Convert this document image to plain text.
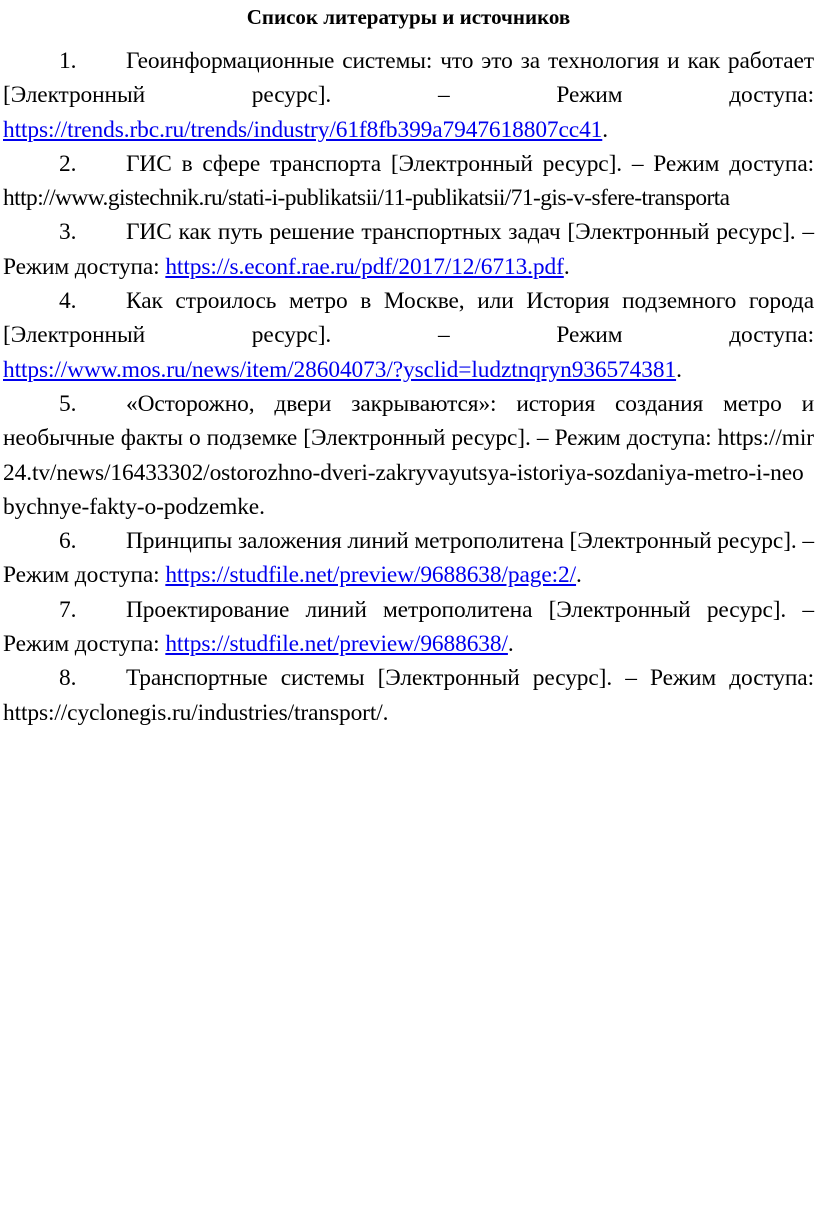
Список литературы и источников
1. Геоинформационные системы: что это за технология и как работает [Электронный ресурс]. – Режим доступа: https://trends.rbc.ru/trends/industry/61f8fb399a7947618807cc41.
2. ГИС в сфере транспорта [Электронный ресурс]. – Режим доступа: http://www.gistechnik.ru/stati-i-publikatsii/11-publikatsii/71-gis-v-sfere-transporta
3. ГИС как путь решение транспортных задач [Электронный ресурс]. – Режим доступа: https://s.econf.rae.ru/pdf/2017/12/6713.pdf.
4. Как строилось метро в Москве, или История подземного города [Электронный ресурс]. – Режим доступа: https://www.mos.ru/news/item/28604073/?ysclid=ludztnqryn936574381.
5. «Осторожно, двери закрываются»: история создания метро и необычные факты о подземке [Электронный ресурс]. – Режим доступа: https://mir24.tv/news/16433302/ostorozhno-dveri-zakryvayutsya-istoriya-sozdaniya-metro-i-neobychnye-fakty-o-podzemke.
6. Принципы заложения линий метрополитена [Электронный ресурс]. – Режим доступа: https://studfile.net/preview/9688638/page:2/.
7. Проектирование линий метрополитена [Электронный ресурс]. – Режим доступа: https://studfile.net/preview/9688638/.
8. Транспортные системы [Электронный ресурс]. – Режим доступа: https://cyclonegis.ru/industries/transport/.
